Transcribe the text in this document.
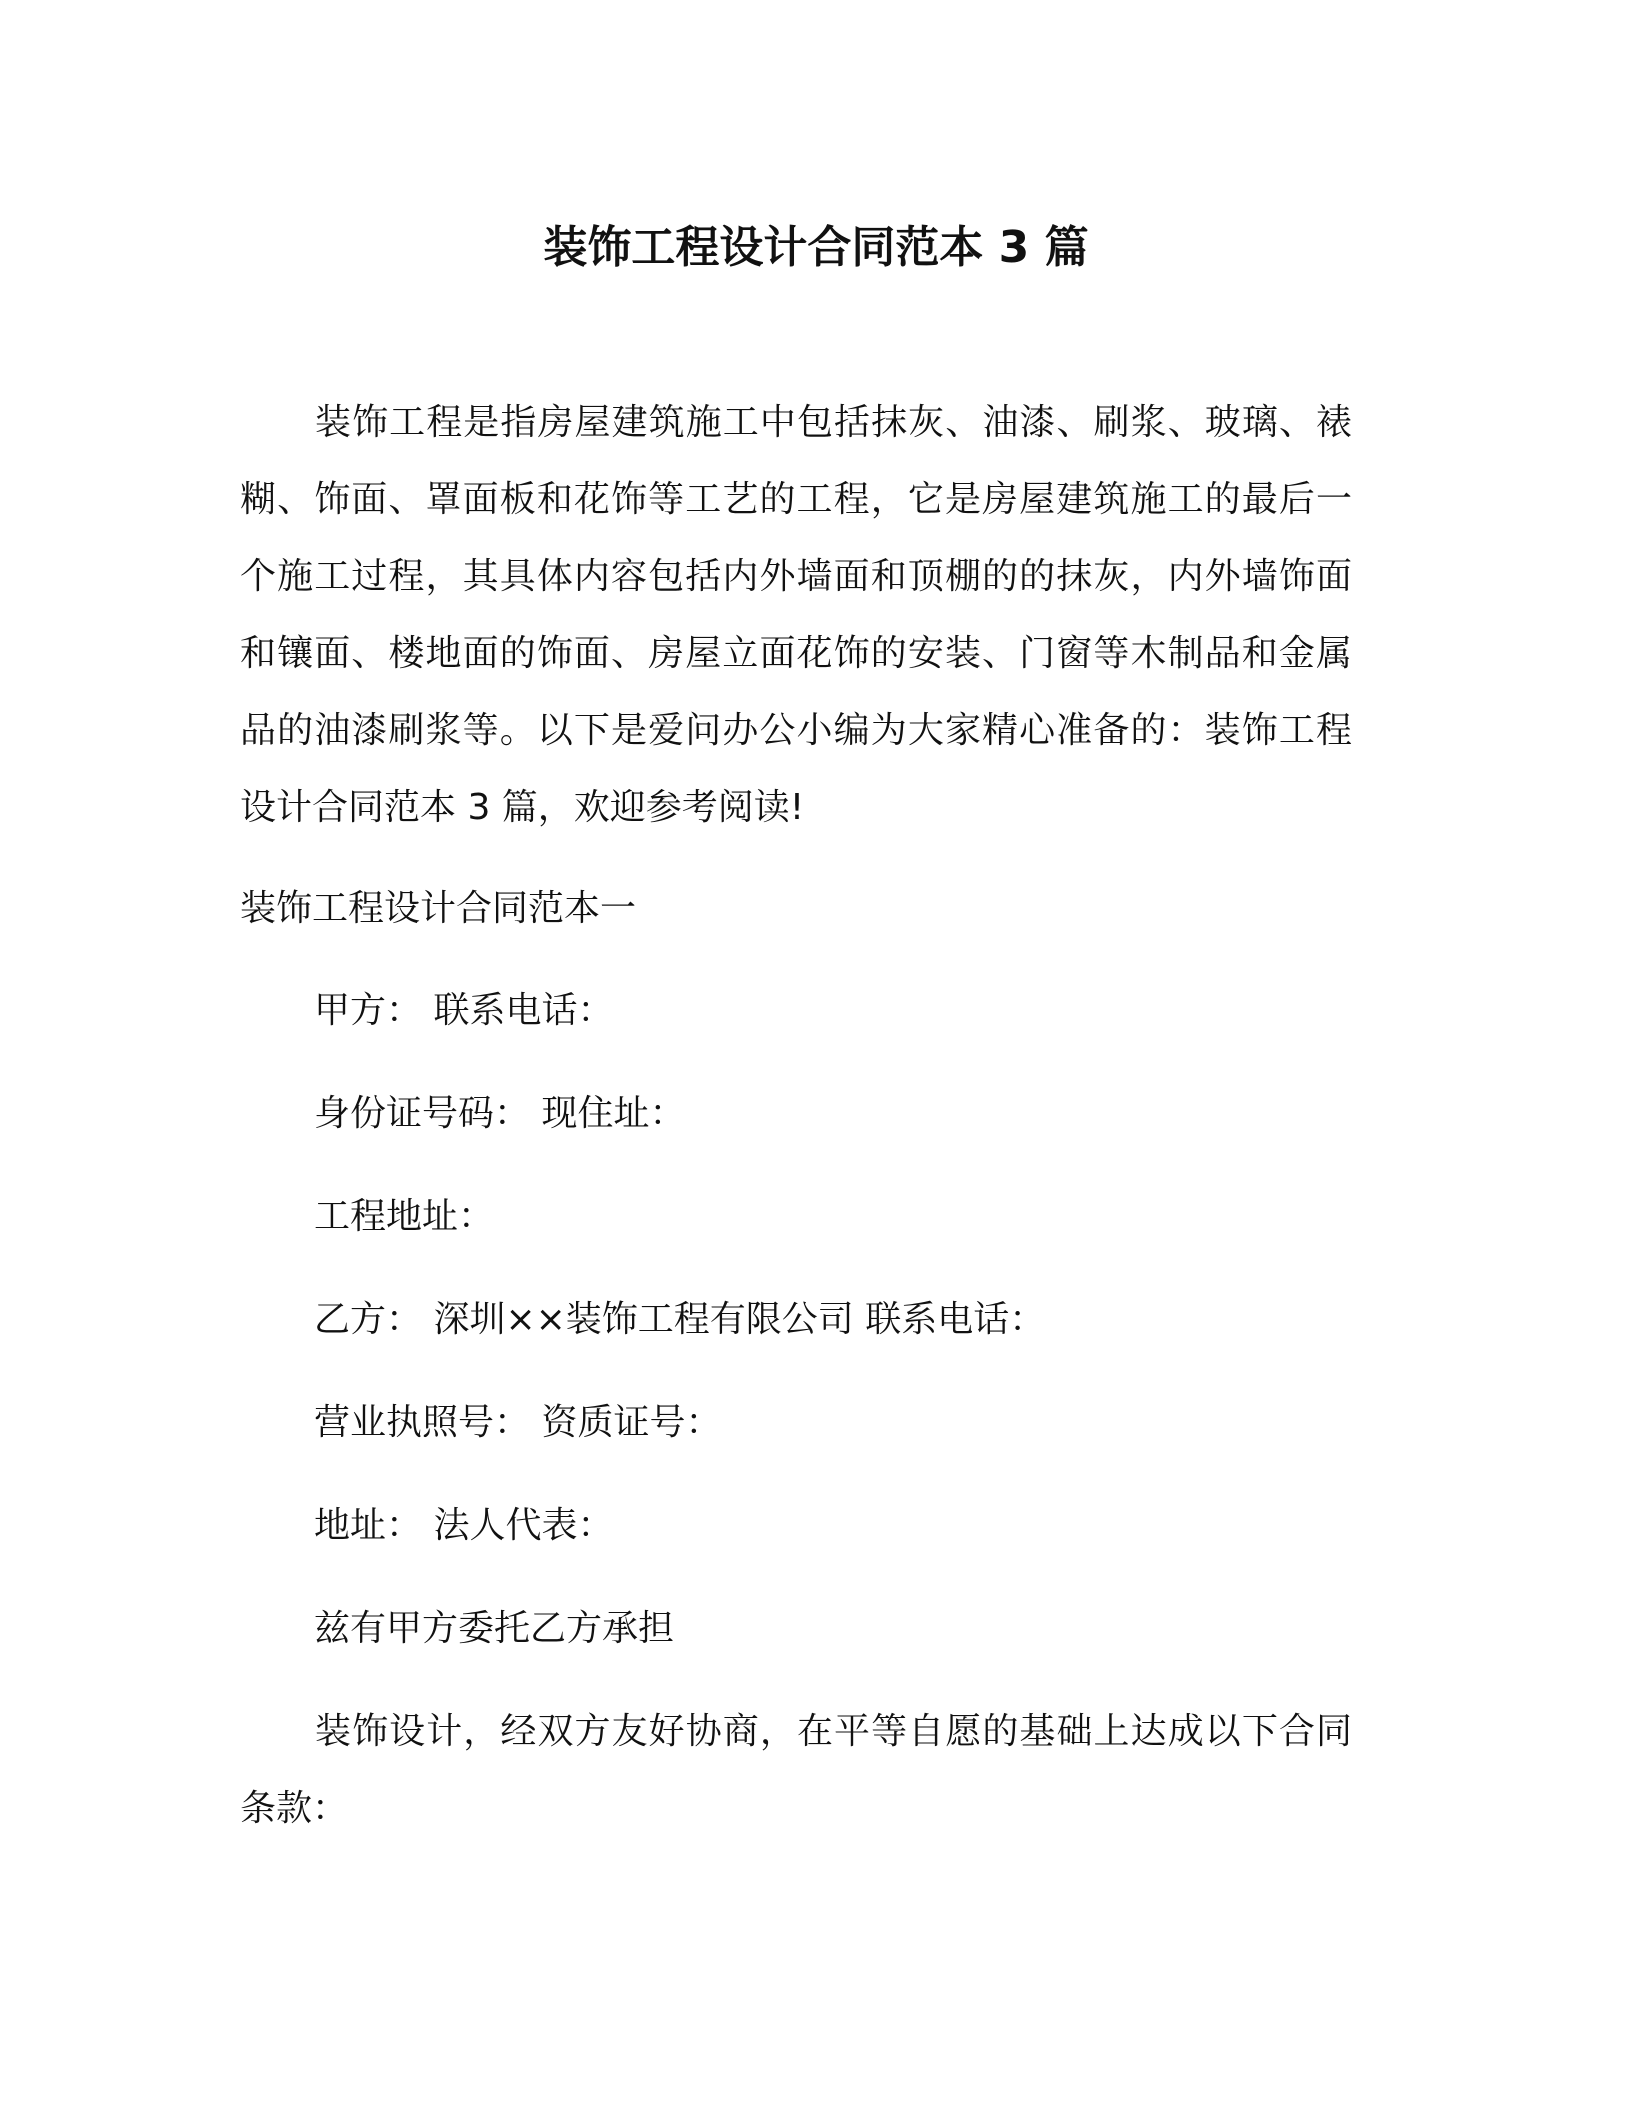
装饰工程设计合同范本 3 篇
装饰工程是指房屋建筑施工中包括抹灰、油漆、刷浆、玻璃、裱
糊、饰面、罩面板和花饰等工艺的工程，它是房屋建筑施工的最后一
个施工过程，其具体内容包括内外墙面和顶棚的的抹灰，内外墙饰面
和镶面、楼地面的饰面、房屋立面花饰的安装、门窗等木制品和金属
品的油漆刷浆等。以下是爱问办公小编为大家精心准备的：装饰工程
设计合同范本 3 篇，欢迎参考阅读!
装饰工程设计合同范本一
甲方： 联系电话：
身份证号码： 现住址：
工程地址：
乙方： 深圳××装饰工程有限公司 联系电话：
营业执照号： 资质证号：
地址： 法人代表：
兹有甲方委托乙方承担
装饰设计，经双方友好协商，在平等自愿的基础上达成以下合同
条款：
